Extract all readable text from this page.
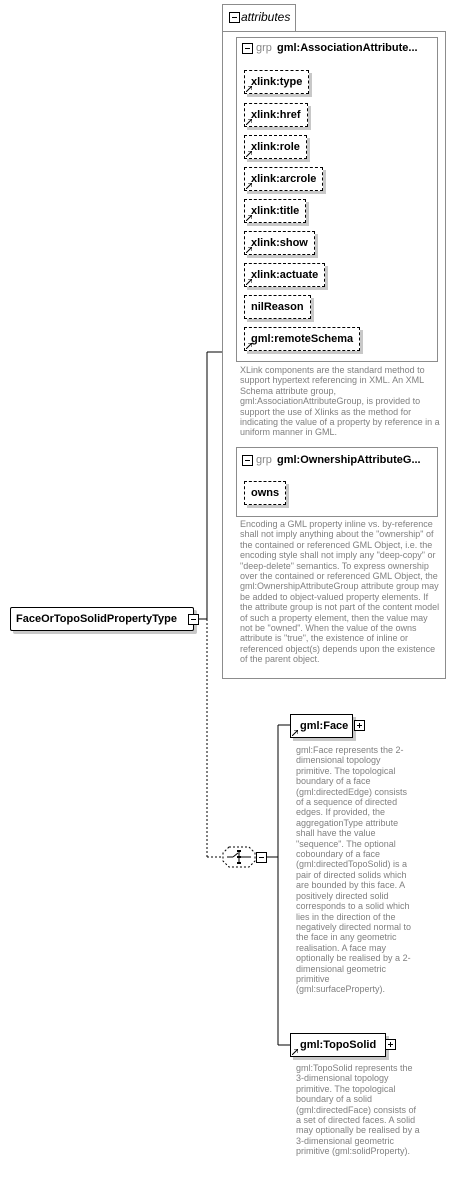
attributes
grp gml:AssociationAttribute...
xlink:type
xlink:href
xlink:role
xlink:arcrole
xlink:title
xlink:show
xlink:actuate
nilReason
gml:remoteSchema
XLink components are the standard method to support hypertext referencing in XML. An XML Schema attribute group, gml:AssociationAttributeGroup, is provided to support the use of Xlinks as the method for indicating the value of a property by reference in a uniform manner in GML.
grp gml:OwnershipAttributeG...
owns
Encoding a GML property inline vs. by-reference shall not imply anything about the "ownership" of the contained or referenced GML Object, i.e. the encoding style shall not imply any "deep-copy" or "deep-delete" semantics. To express ownership over the contained or referenced GML Object, the gml:OwnershipAttributeGroup attribute group may be added to object-valued property elements. If the attribute group is not part of the content model of such a property element, then the value may not be "owned". When the value of the owns attribute is "true", the existence of inline or referenced object(s) depends upon the existence of the parent object.
FaceOrTopoSolidPropertyType
gml:Face
gml:Face represents the 2-dimensional topology primitive. The topological boundary of a face (gml:directedEdge) consists of a sequence of directed edges. If provided, the aggregationType attribute shall have the value "sequence". The optional coboundary of a face (gml:directedTopoSolid) is a pair of directed solids which are bounded by this face. A positively directed solid corresponds to a solid which lies in the direction of the negatively directed normal to the face in any geometric realisation. A face may optionally be realised by a 2-dimensional geometric primitive (gml:surfaceProperty).
gml:TopoSolid
gml:TopoSolid represents the 3-dimensional topology primitive. The topological boundary of a solid (gml:directedFace) consists of a set of directed faces. A solid may optionally be realised by a 3-dimensional geometric primitive (gml:solidProperty).
